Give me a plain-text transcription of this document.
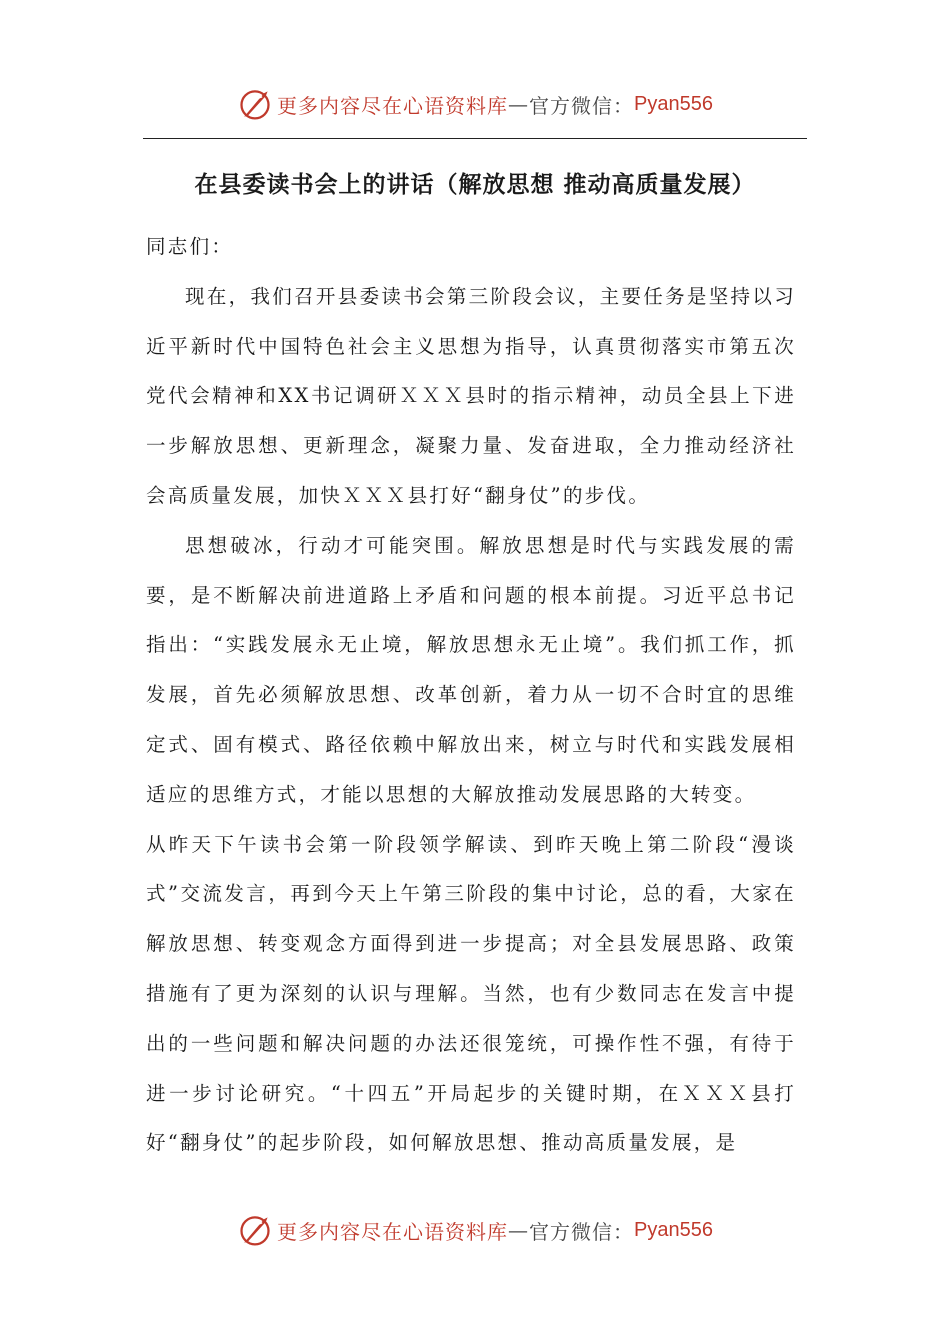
更多内容尽在心语资料库 — 官方微信： Pyan556
在县委读书会上的讲话（解放思想 推动高质量发展）

同志们：

现在，我们召开县委读书会第三阶段会议，主要任务是坚持以习近平新时代中国特色社会主义思想为指导，认真贯彻落实市第五次党代会精神和XX书记调研ＸＸＸ县时的指示精神，动员全县上下进一步解放思想、更新理念，凝聚力量、发奋进取，全力推动经济社会高质量发展，加快ＸＸＸ县打好“翻身仗”的步伐。

思想破冰，行动才可能突围。解放思想是时代与实践发展的需要，是不断解决前进道路上矛盾和问题的根本前提。习近平总书记指出：“实践发展永无止境，解放思想永无止境”。我们抓工作，抓发展，首先必须解放思想、改革创新，着力从一切不合时宜的思维定式、固有模式、路径依赖中解放出来，树立与时代和实践发展相适应的思维方式，才能以思想的大解放推动发展思路的大转变。

从昨天下午读书会第一阶段领学解读、到昨天晚上第二阶段“漫谈式”交流发言，再到今天上午第三阶段的集中讨论，总的看，大家在解放思想、转变观念方面得到进一步提高；对全县发展思路、政策措施有了更为深刻的认识与理解。当然，也有少数同志在发言中提出的一些问题和解决问题的办法还很笼统，可操作性不强，有待于进一步讨论研究。“十四五”开局起步的关键时期，在ＸＸＸ县打好“翻身仗”的起步阶段，如何解放思想、推动高质量发展，是

更多内容尽在心语资料库 — 官方微信： Pyan556
